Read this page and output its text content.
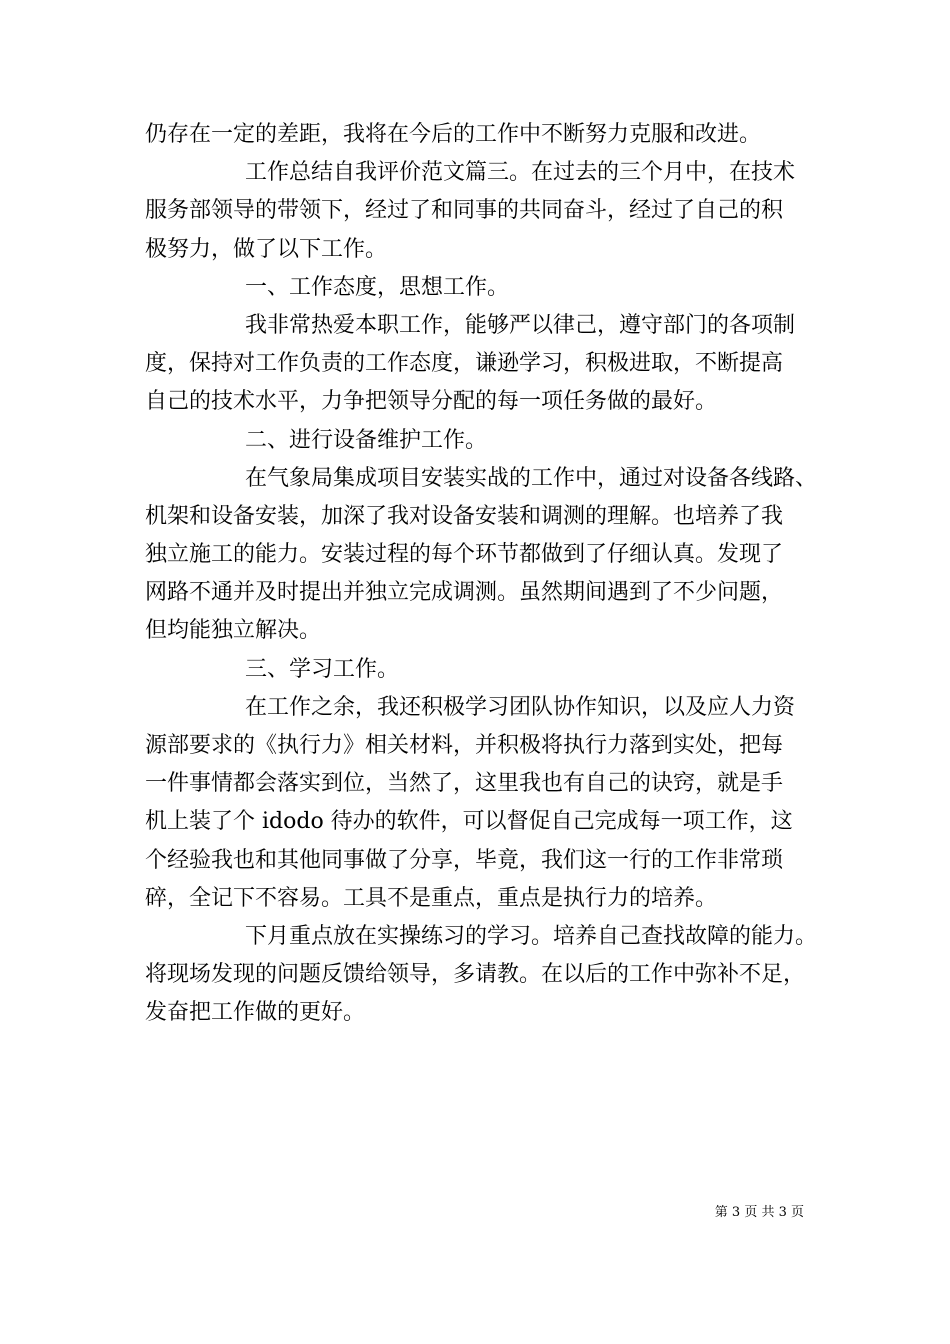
仍存在一定的差距，我将在今后的工作中不断努力克服和改进。
工作总结自我评价范文篇三。在过去的三个月中，在技术
服务部领导的带领下，经过了和同事的共同奋斗，经过了自己的积
极努力，做了以下工作。
一、工作态度，思想工作。
我非常热爱本职工作，能够严以律己，遵守部门的各项制
度，保持对工作负责的工作态度，谦逊学习，积极进取，不断提高
自己的技术水平，力争把领导分配的每一项任务做的最好。
二、进行设备维护工作。
在气象局集成项目安装实战的工作中，通过对设备各线路、
机架和设备安装，加深了我对设备安装和调测的理解。也培养了我
独立施工的能力。安装过程的每个环节都做到了仔细认真。发现了
网路不通并及时提出并独立完成调测。虽然期间遇到了不少问题，
但均能独立解决。
三、学习工作。
在工作之余，我还积极学习团队协作知识，以及应人力资
源部要求的《执行力》相关材料，并积极将执行力落到实处，把每
一件事情都会落实到位，当然了，这里我也有自己的诀窍，就是手
机上装了个 idodo 待办的软件，可以督促自己完成每一项工作，这
个经验我也和其他同事做了分享，毕竟，我们这一行的工作非常琐
碎，全记下不容易。工具不是重点，重点是执行力的培养。
下月重点放在实操练习的学习。培养自己查找故障的能力。
将现场发现的问题反馈给领导，多请教。在以后的工作中弥补不足，
发奋把工作做的更好。
第 3 页 共 3 页
